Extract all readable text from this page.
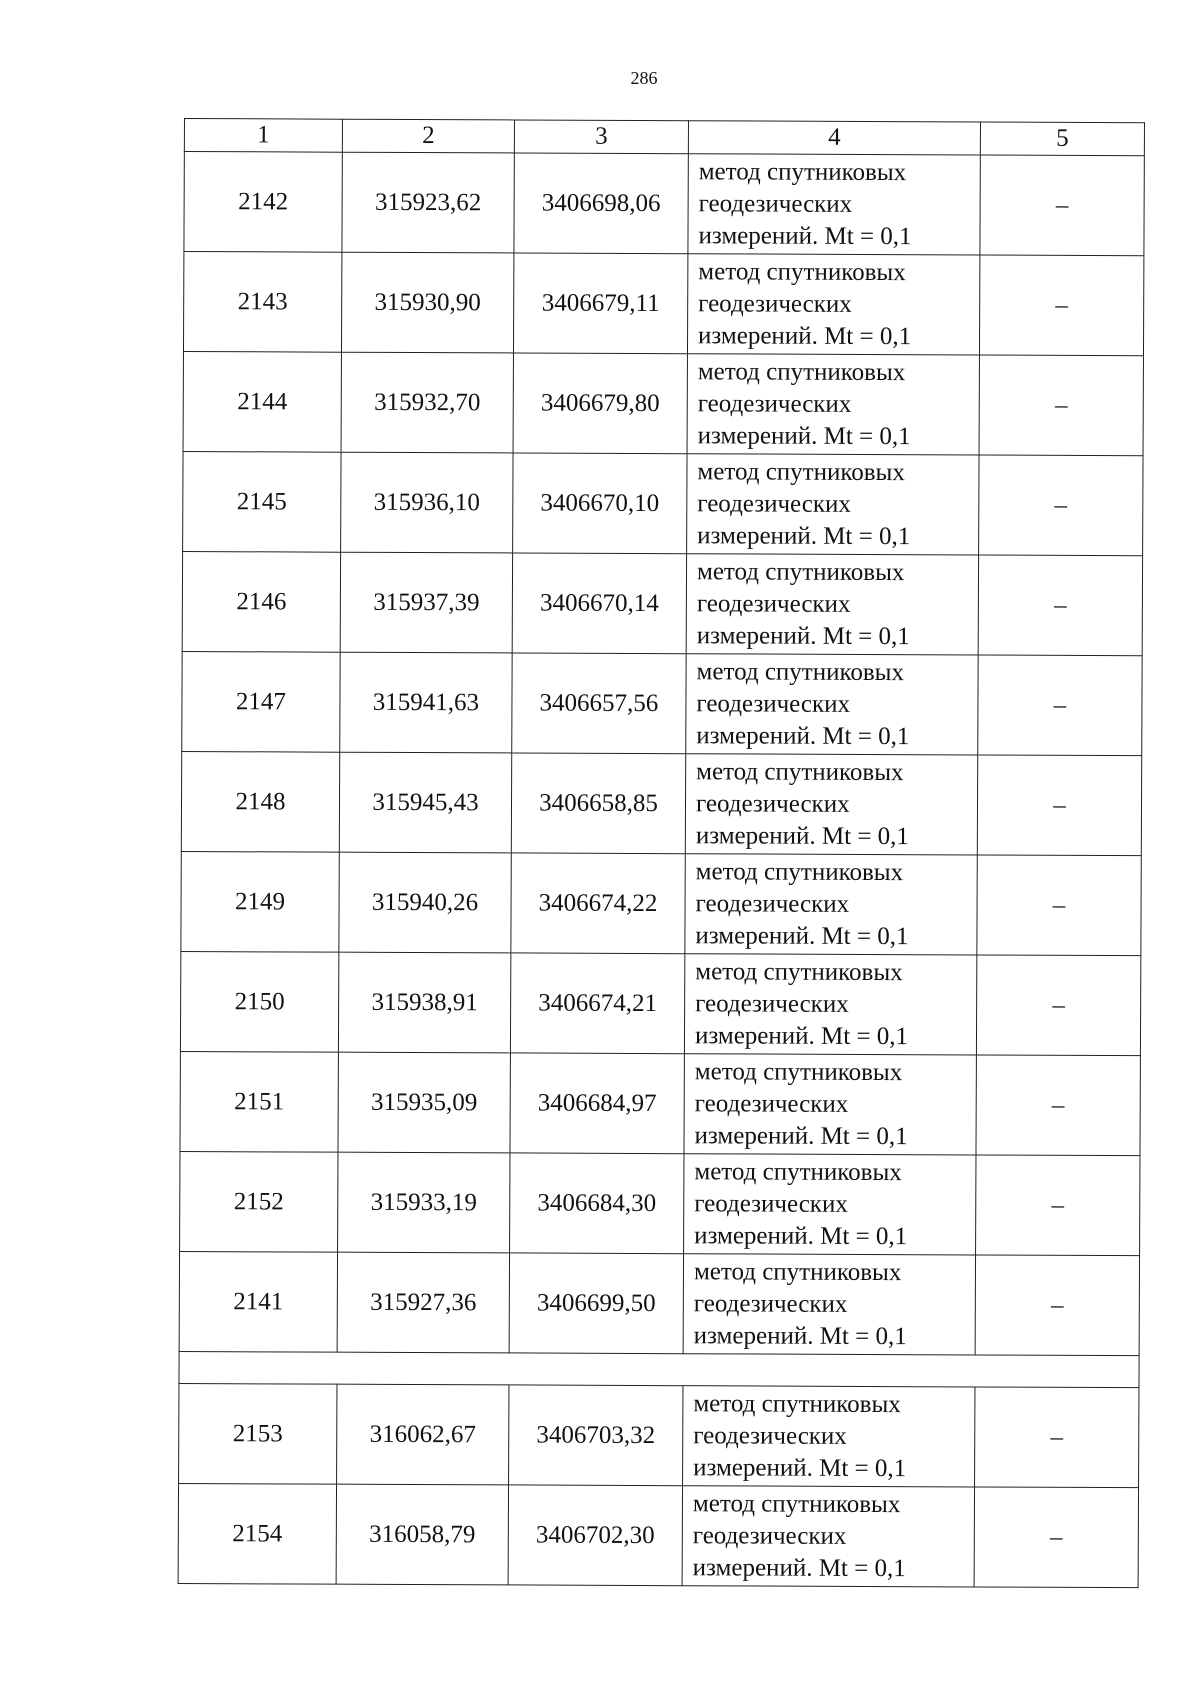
286
1	2	3	4	5
2142	315923,62	3406698,06	метод спутниковых
геодезических
измерений. Mt = 0,1	–
2143	315930,90	3406679,11	метод спутниковых
геодезических
измерений. Mt = 0,1	–
2144	315932,70	3406679,80	метод спутниковых
геодезических
измерений. Mt = 0,1	–
2145	315936,10	3406670,10	метод спутниковых
геодезических
измерений. Mt = 0,1	–
2146	315937,39	3406670,14	метод спутниковых
геодезических
измерений. Mt = 0,1	–
2147	315941,63	3406657,56	метод спутниковых
геодезических
измерений. Mt = 0,1	–
2148	315945,43	3406658,85	метод спутниковых
геодезических
измерений. Mt = 0,1	–
2149	315940,26	3406674,22	метод спутниковых
геодезических
измерений. Mt = 0,1	–
2150	315938,91	3406674,21	метод спутниковых
геодезических
измерений. Mt = 0,1	–
2151	315935,09	3406684,97	метод спутниковых
геодезических
измерений. Mt = 0,1	–
2152	315933,19	3406684,30	метод спутниковых
геодезических
измерений. Mt = 0,1	–
2141	315927,36	3406699,50	метод спутниковых
геодезических
измерений. Mt = 0,1	–

2153	316062,67	3406703,32	метод спутниковых
геодезических
измерений. Mt = 0,1	–
2154	316058,79	3406702,30	метод спутниковых
геодезических
измерений. Mt = 0,1	–
